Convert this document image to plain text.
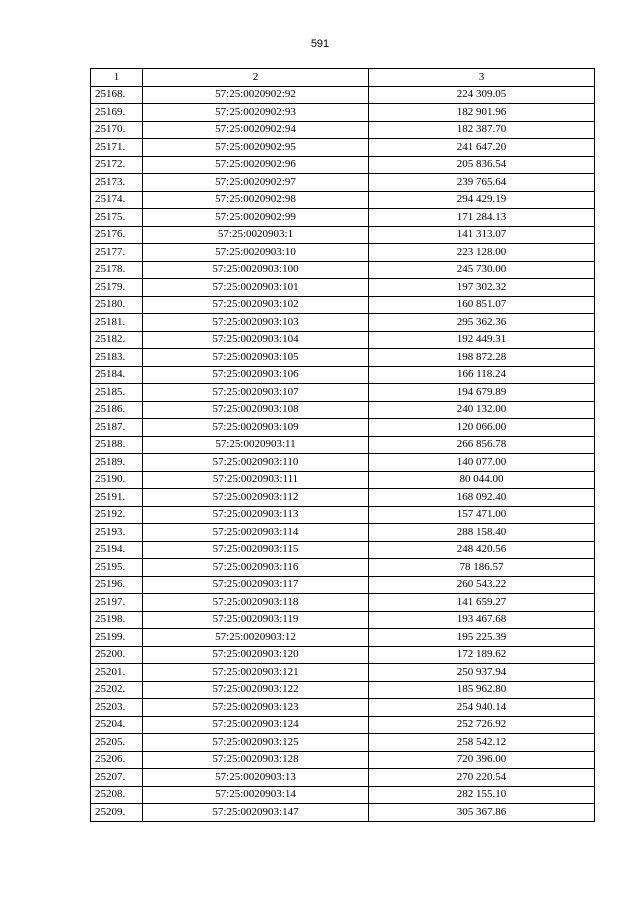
591
1	2	3
25168.	57:25:0020902:92	224 309.05
25169.	57:25:0020902:93	182 901.96
25170.	57:25:0020902:94	182 387.70
25171.	57:25:0020902:95	241 647.20
25172.	57:25:0020902:96	205 836.54
25173.	57:25:0020902:97	239 765.64
25174.	57:25:0020902:98	294 429.19
25175.	57:25:0020902:99	171 284.13
25176.	57:25:0020903:1	141 313.07
25177.	57:25:0020903:10	223 128.00
25178.	57:25:0020903:100	245 730.00
25179.	57:25:0020903:101	197 302.32
25180.	57:25:0020903:102	160 851.07
25181.	57:25:0020903:103	295 362.36
25182.	57:25:0020903:104	192 449.31
25183.	57:25:0020903:105	198 872.28
25184.	57:25:0020903:106	166 118.24
25185.	57:25:0020903:107	194 679.89
25186.	57:25:0020903:108	240 132.00
25187.	57:25:0020903:109	120 066.00
25188.	57:25:0020903:11	266 856.78
25189.	57:25:0020903:110	140 077.00
25190.	57:25:0020903:111	80 044.00
25191.	57:25:0020903:112	168 092.40
25192.	57:25:0020903:113	157 471.00
25193.	57:25:0020903:114	288 158.40
25194.	57:25:0020903:115	248 420.56
25195.	57:25:0020903:116	78 186.57
25196.	57:25:0020903:117	260 543.22
25197.	57:25:0020903:118	141 659.27
25198.	57:25:0020903:119	193 467.68
25199.	57:25:0020903:12	195 225.39
25200.	57:25:0020903:120	172 189.62
25201.	57:25:0020903:121	250 937.94
25202.	57:25:0020903:122	185 962.80
25203.	57:25:0020903:123	254 940.14
25204.	57:25:0020903:124	252 726.92
25205.	57:25:0020903:125	258 542.12
25206.	57:25:0020903:128	720 396.00
25207.	57:25:0020903:13	270 220.54
25208.	57:25:0020903:14	282 155.10
25209.	57:25:0020903:147	305 367.86
